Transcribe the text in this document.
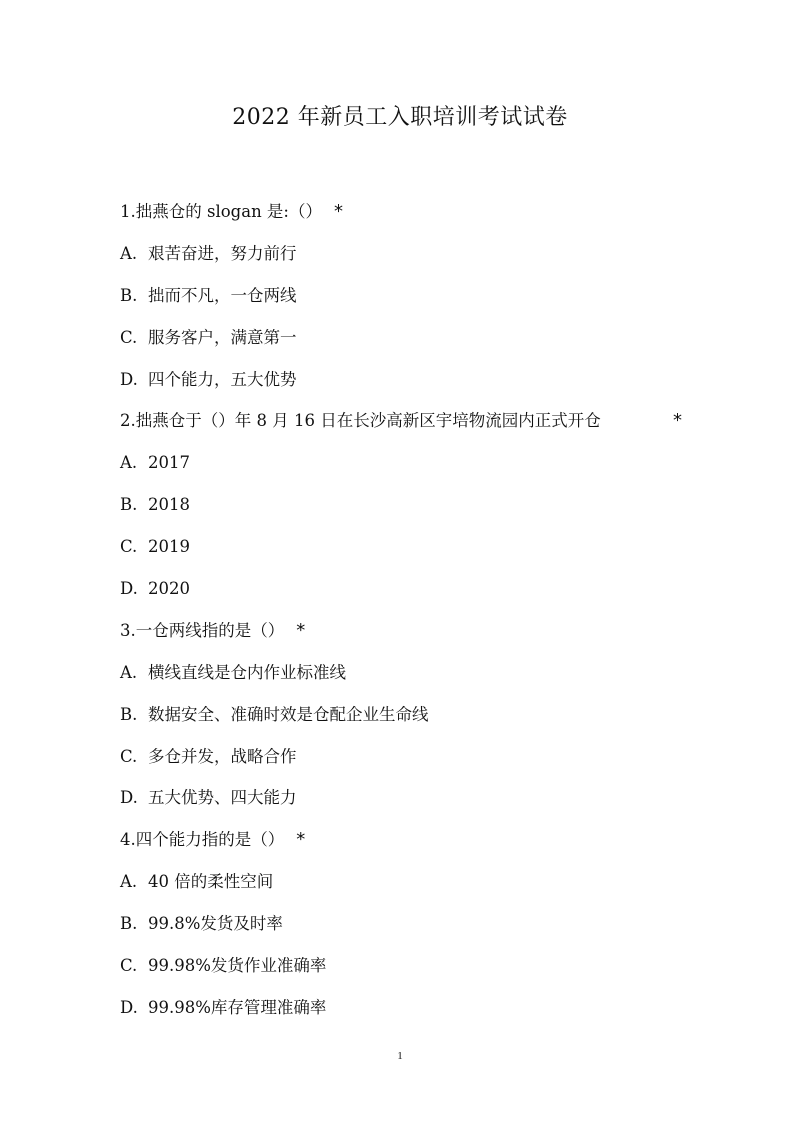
2022 年新员工入职培训考试试卷
1.拙燕仓的 slogan 是:（） *
A. 艰苦奋进，努力前行
B. 拙而不凡，一仓两线
C. 服务客户，满意第一
D. 四个能力，五大优势
2.拙燕仓于（）年 8 月 16 日在长沙高新区宇培物流园内正式开仓	*
A. 2017
B. 2018
C. 2019
D. 2020
3.一仓两线指的是（） *
A. 横线直线是仓内作业标准线
B. 数据安全、准确时效是仓配企业生命线
C. 多仓并发，战略合作
D. 五大优势、四大能力
4.四个能力指的是（） *
A. 40 倍的柔性空间
B. 99.8%发货及时率
C. 99.98%发货作业准确率
D. 99.98%库存管理准确率
1
